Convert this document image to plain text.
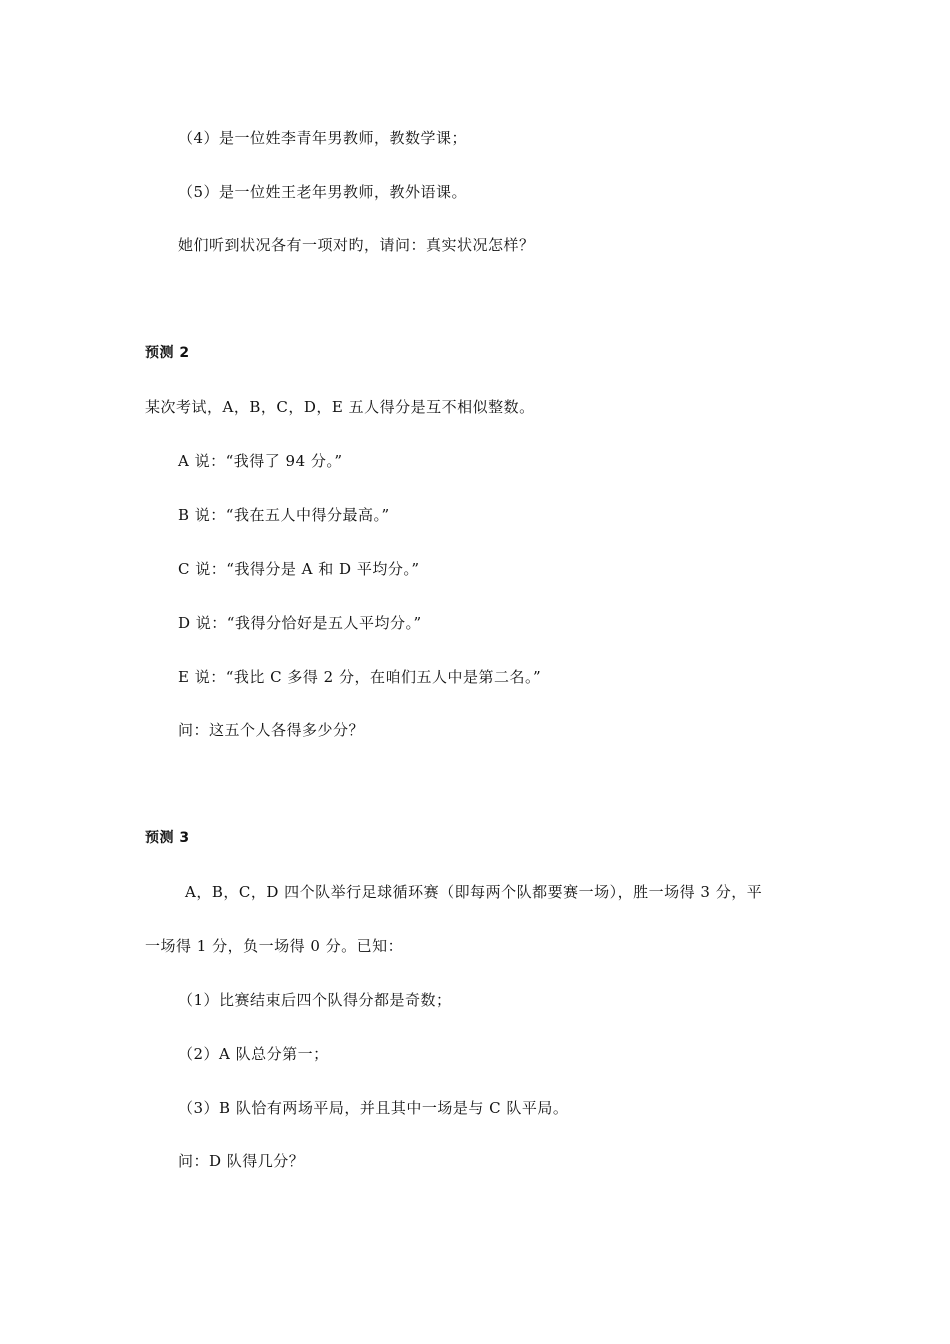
（4）是一位姓李青年男教师，教数学课；
（5）是一位姓王老年男教师，教外语课。
她们听到状况各有一项对旳，请问：真实状况怎样？
预测 2
某次考试，A，B，C，D，E 五人得分是互不相似整数。
A 说：“我得了 94 分。”
B 说：“我在五人中得分最高。”
C 说：“我得分是 A 和 D 平均分。”
D 说：“我得分恰好是五人平均分。”
E 说：“我比 C 多得 2 分，在咱们五人中是第二名。”
问：这五个人各得多少分？
预测 3
A，B，C，D 四个队举行足球循环赛（即每两个队都要赛一场），胜一场得 3 分，平
一场得 1 分，负一场得 0 分。已知：
（1）比赛结束后四个队得分都是奇数；
（2）A 队总分第一；
（3）B 队恰有两场平局，并且其中一场是与 C 队平局。
问：D 队得几分？
